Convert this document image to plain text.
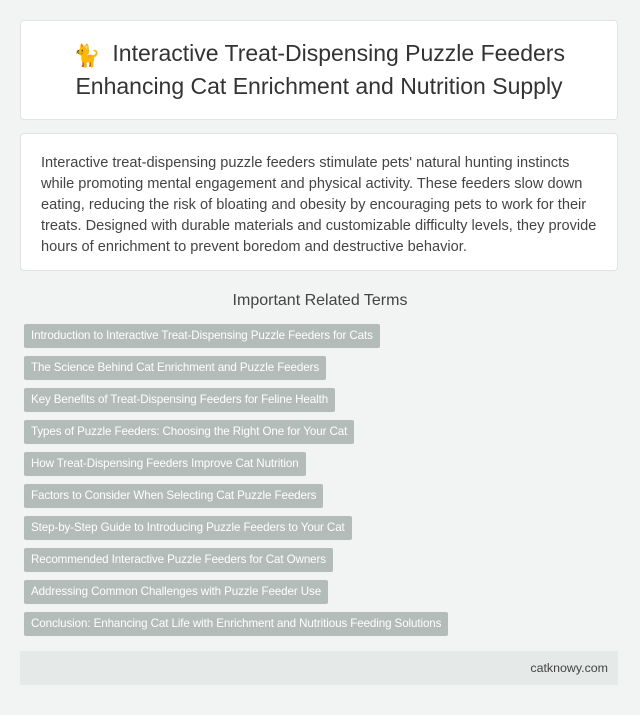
🐈 Interactive Treat-Dispensing Puzzle Feeders Enhancing Cat Enrichment and Nutrition Supply

Interactive treat-dispensing puzzle feeders stimulate pets' natural hunting instincts while promoting mental engagement and physical activity. These feeders slow down eating, reducing the risk of bloating and obesity by encouraging pets to work for their treats. Designed with durable materials and customizable difficulty levels, they provide hours of enrichment to prevent boredom and destructive behavior.

Important Related Terms
Introduction to Interactive Treat-Dispensing Puzzle Feeders for Cats
The Science Behind Cat Enrichment and Puzzle Feeders
Key Benefits of Treat-Dispensing Feeders for Feline Health
Types of Puzzle Feeders: Choosing the Right One for Your Cat
How Treat-Dispensing Feeders Improve Cat Nutrition
Factors to Consider When Selecting Cat Puzzle Feeders
Step-by-Step Guide to Introducing Puzzle Feeders to Your Cat
Recommended Interactive Puzzle Feeders for Cat Owners
Addressing Common Challenges with Puzzle Feeder Use
Conclusion: Enhancing Cat Life with Enrichment and Nutritious Feeding Solutions
catknowy.com
